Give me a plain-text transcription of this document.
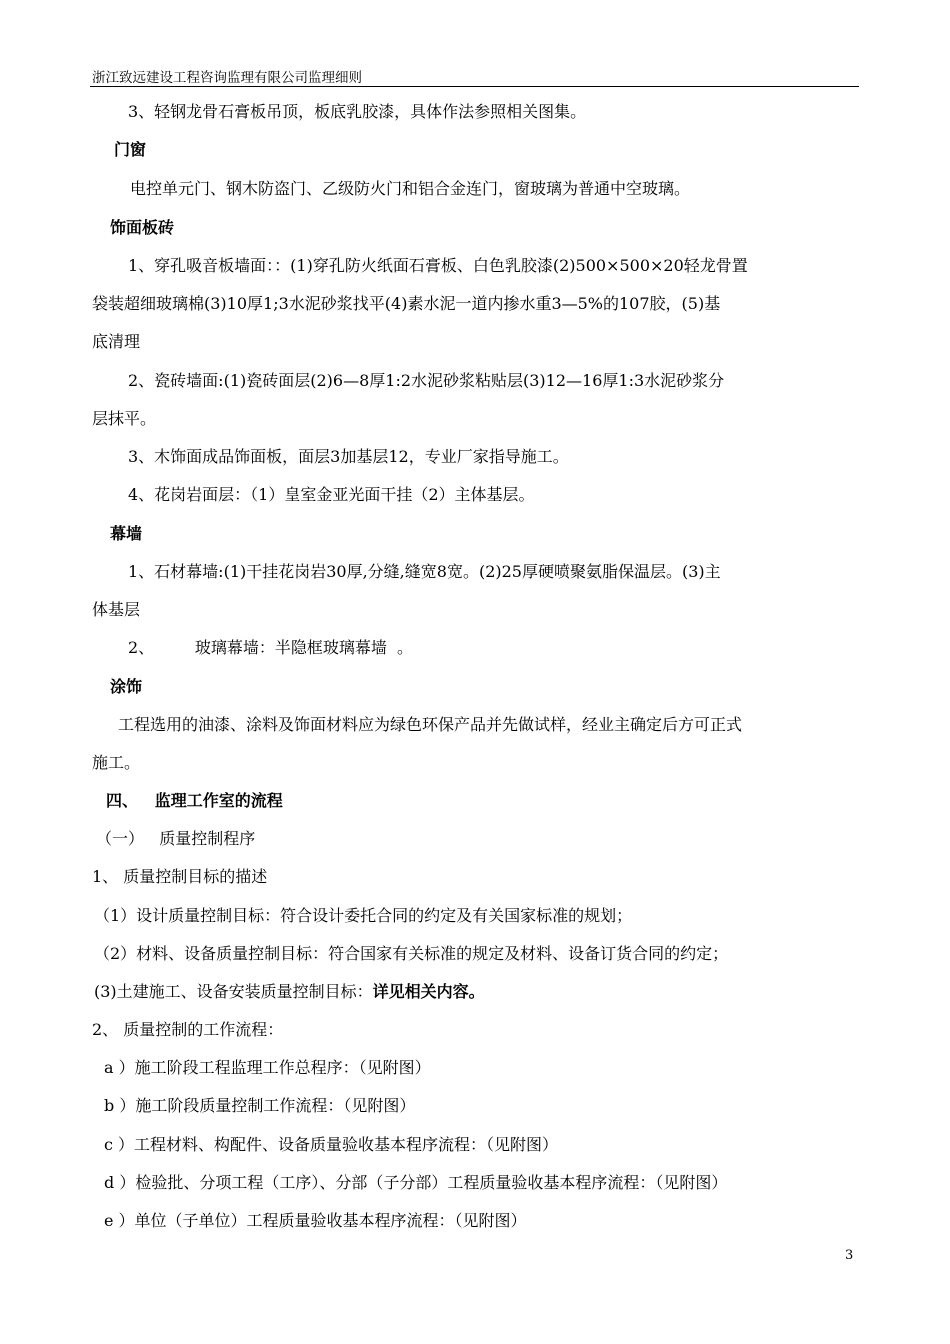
浙江致远建设工程咨询监理有限公司监理细则
3、轻钢龙骨石膏板吊顶，板底乳胶漆，具体作法参照相关图集。
门窗
电控单元门、钢木防盗门、乙级防火门和铝合金连门，窗玻璃为普通中空玻璃。
饰面板砖
1、穿孔吸音板墙面：：(1)穿孔防火纸面石膏板、白色乳胶漆(2)500×500×20轻龙骨置
袋装超细玻璃棉(3)10厚1;3水泥砂浆找平(4)素水泥一道内掺水重3—5%的107胶，(5)基
底清理
2、瓷砖墙面:(1)瓷砖面层(2)6—8厚1:2水泥砂浆粘贴层(3)12—16厚1:3水泥砂浆分
层抹平。
3、木饰面成品饰面板，面层3加基层12，专业厂家指导施工。
4、花岗岩面层：（1）皇室金亚光面干挂（2）主体基层。
幕墙
1、石材幕墙:(1)干挂花岗岩30厚,分缝,缝宽8宽。(2)25厚硬喷聚氨脂保温层。(3)主
体基层
2、        玻璃幕墙：半隐框玻璃幕墙  。
涂饰
工程选用的油漆、涂料及饰面材料应为绿色环保产品并先做试样，经业主确定后方可正式
施工。
四、   监理工作室的流程
（一）   质量控制程序
1、 质量控制目标的描述
（1）设计质量控制目标：符合设计委托合同的约定及有关国家标准的规划；
（2）材料、设备质量控制目标：符合国家有关标准的规定及材料、设备订货合同的约定；
(3)土建施工、设备安装质量控制目标：详见相关内容。
2、 质量控制的工作流程：
a ）施工阶段工程监理工作总程序：（见附图）
b ）施工阶段质量控制工作流程：（见附图）
c ）工程材料、构配件、设备质量验收基本程序流程：（见附图）
d ）检验批、分项工程（工序）、分部（子分部）工程质量验收基本程序流程：（见附图）
e ）单位（子单位）工程质量验收基本程序流程：（见附图）
3
